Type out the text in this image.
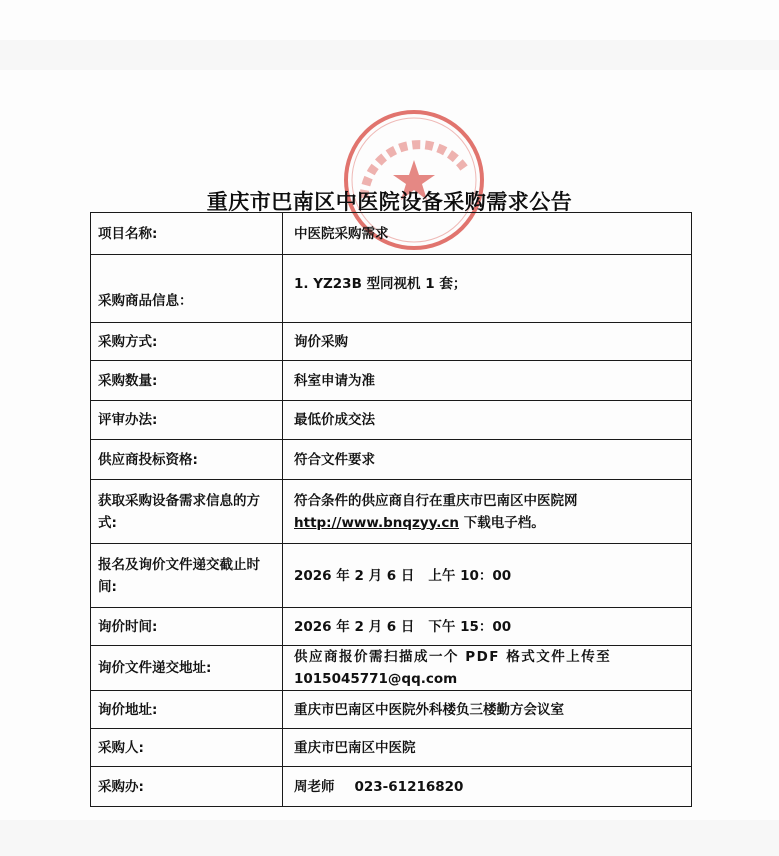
重庆市巴南区中医院设备采购需求公告
项目名称:	中医院采购需求
采购商品信息：	1. YZ23B 型同视机 1 套；
采购方式:	询价采购
采购数量:	科室申请为准
评审办法:	最低价成交法
供应商投标资格:	符合文件要求
获取采购设备需求信息的方式:	符合条件的供应商自行在重庆市巴南区中医院网
http://www.bnqzyy.cn 下载电子档。

报名及询价文件递交截止时间:	2026 年 2 月 6 日 上午 10：00
询价时间:	2026 年 2 月 6 日 下午 15：00
询价文件递交地址:	供应商报价需扫描成一个 PDF 格式文件上传至
1015045771@qq.com

询价地址:	重庆市巴南区中医院外科楼负三楼勤方会议室
采购人:	重庆市巴南区中医院
采购办:	周老师 023-61216820
